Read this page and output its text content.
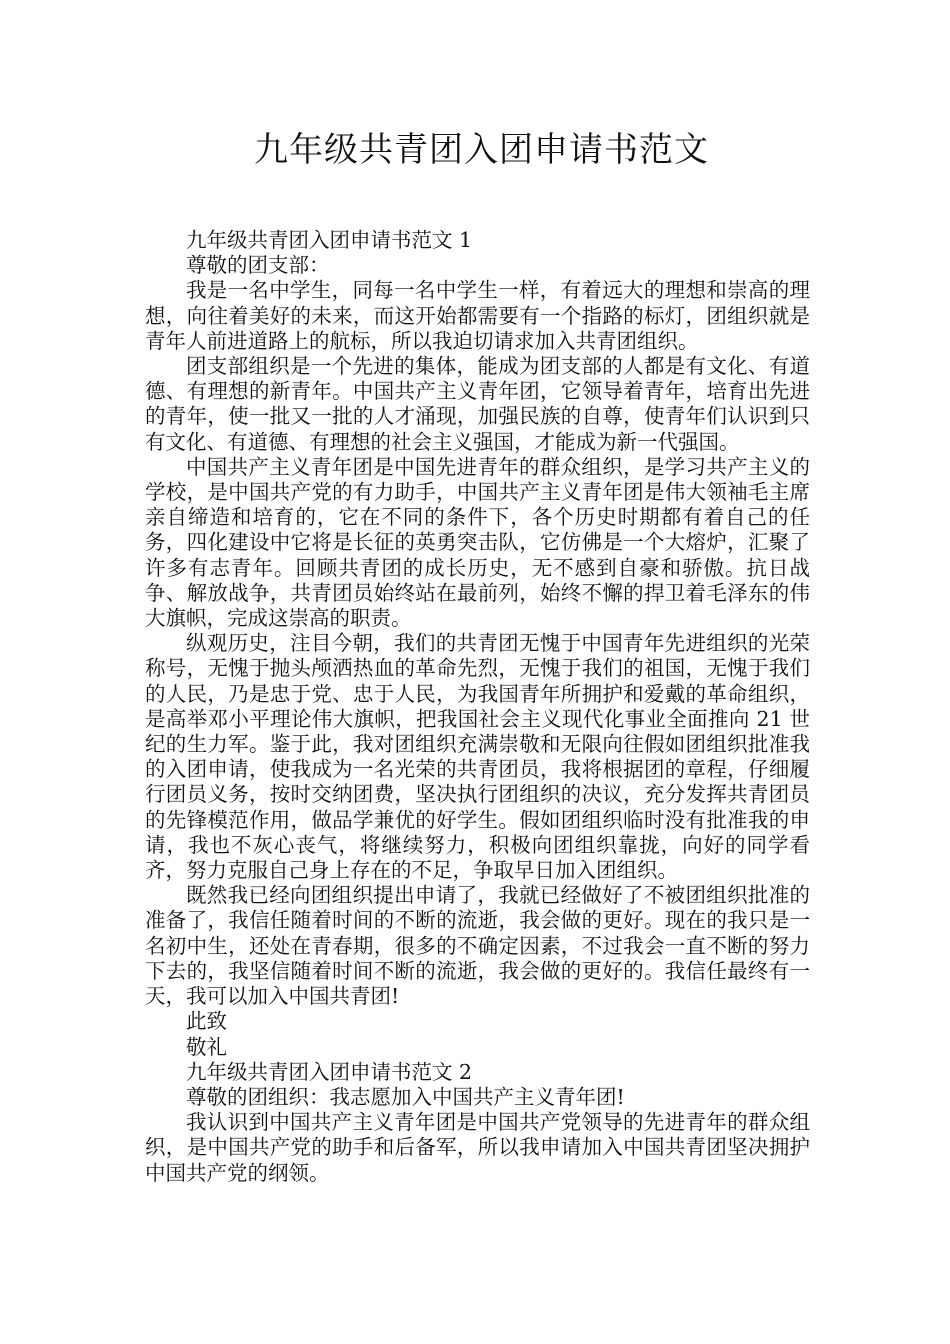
九年级共青团入团申请书范文

九年级共青团入团申请书范文 1

尊敬的团支部：

我是一名中学生，同每一名中学生一样，有着远大的理想和崇高的理想，向往着美好的未来，而这开始都需要有一个指路的标灯，团组织就是青年人前进道路上的航标，所以我迫切请求加入共青团组织。

团支部组织是一个先进的集体，能成为团支部的人都是有文化、有道德、有理想的新青年。中国共产主义青年团，它领导着青年，培育出先进的青年，使一批又一批的人才涌现，加强民族的自尊，使青年们认识到只有文化、有道德、有理想的社会主义强国，才能成为新一代强国。

中国共产主义青年团是中国先进青年的群众组织，是学习共产主义的学校，是中国共产党的有力助手，中国共产主义青年团是伟大领袖毛主席亲自缔造和培育的，它在不同的条件下，各个历史时期都有着自己的任务，四化建设中它将是长征的英勇突击队，它仿佛是一个大熔炉，汇聚了许多有志青年。回顾共青团的成长历史，无不感到自豪和骄傲。抗日战争、解放战争，共青团员始终站在最前列，始终不懈的捍卫着毛泽东的伟大旗帜，完成这崇高的职责。

纵观历史，注目今朝，我们的共青团无愧于中国青年先进组织的光荣称号，无愧于抛头颅洒热血的革命先烈，无愧于我们的祖国，无愧于我们的人民，乃是忠于党、忠于人民，为我国青年所拥护和爱戴的革命组织，是高举邓小平理论伟大旗帜，把我国社会主义现代化事业全面推向 21 世纪的生力军。鉴于此，我对团组织充满崇敬和无限向往假如团组织批准我的入团申请，使我成为一名光荣的共青团员，我将根据团的章程，仔细履行团员义务，按时交纳团费，坚决执行团组织的决议，充分发挥共青团员的先锋模范作用，做品学兼优的好学生。假如团组织临时没有批准我的申请，我也不灰心丧气，将继续努力，积极向团组织靠拢，向好的同学看齐，努力克服自己身上存在的不足，争取早日加入团组织。

既然我已经向团组织提出申请了，我就已经做好了不被团组织批准的准备了，我信任随着时间的不断的流逝，我会做的更好。现在的我只是一名初中生，还处在青春期，很多的不确定因素，不过我会一直不断的努力下去的，我坚信随着时间不断的流逝，我会做的更好的。我信任最终有一天，我可以加入中国共青团!

此致

敬礼

九年级共青团入团申请书范文 2

尊敬的团组织：我志愿加入中国共产主义青年团!

我认识到中国共产主义青年团是中国共产党领导的先进青年的群众组织，是中国共产党的助手和后备军，所以我申请加入中国共青团坚决拥护中国共产党的纲领。
